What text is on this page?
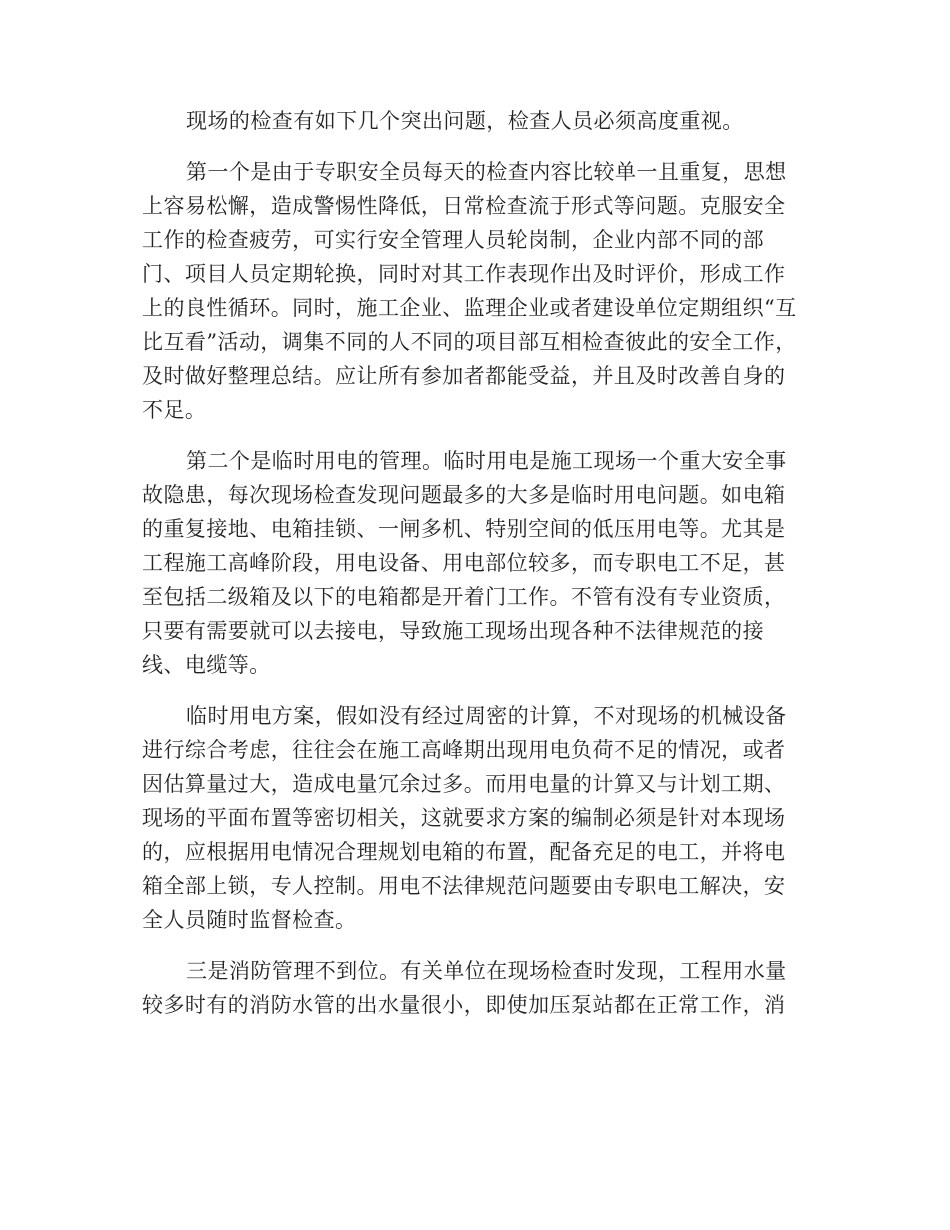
现场的检查有如下几个突出问题，检查人员必须高度重视。

第一个是由于专职安全员每天的检查内容比较单一且重复，思想上容易松懈，造成警惕性降低，日常检查流于形式等问题。克服安全工作的检查疲劳，可实行安全管理人员轮岗制，企业内部不同的部门、项目人员定期轮换，同时对其工作表现作出及时评价，形成工作上的良性循环。同时，施工企业、监理企业或者建设单位定期组织“互比互看”活动，调集不同的人不同的项目部互相检查彼此的安全工作，及时做好整理总结。应让所有参加者都能受益，并且及时改善自身的不足。

第二个是临时用电的管理。临时用电是施工现场一个重大安全事故隐患，每次现场检查发现问题最多的大多是临时用电问题。如电箱的重复接地、电箱挂锁、一闸多机、特别空间的低压用电等。尤其是工程施工高峰阶段，用电设备、用电部位较多，而专职电工不足，甚至包括二级箱及以下的电箱都是开着门工作。不管有没有专业资质，只要有需要就可以去接电，导致施工现场出现各种不法律规范的接线、电缆等。

临时用电方案，假如没有经过周密的计算，不对现场的机械设备进行综合考虑，往往会在施工高峰期出现用电负荷不足的情况，或者因估算量过大，造成电量冗余过多。而用电量的计算又与计划工期、现场的平面布置等密切相关，这就要求方案的编制必须是针对本现场的，应根据用电情况合理规划电箱的布置，配备充足的电工，并将电箱全部上锁，专人控制。用电不法律规范问题要由专职电工解决，安全人员随时监督检查。

三是消防管理不到位。有关单位在现场检查时发现，工程用水量较多时有的消防水管的出水量很小，即使加压泵站都在正常工作，消
